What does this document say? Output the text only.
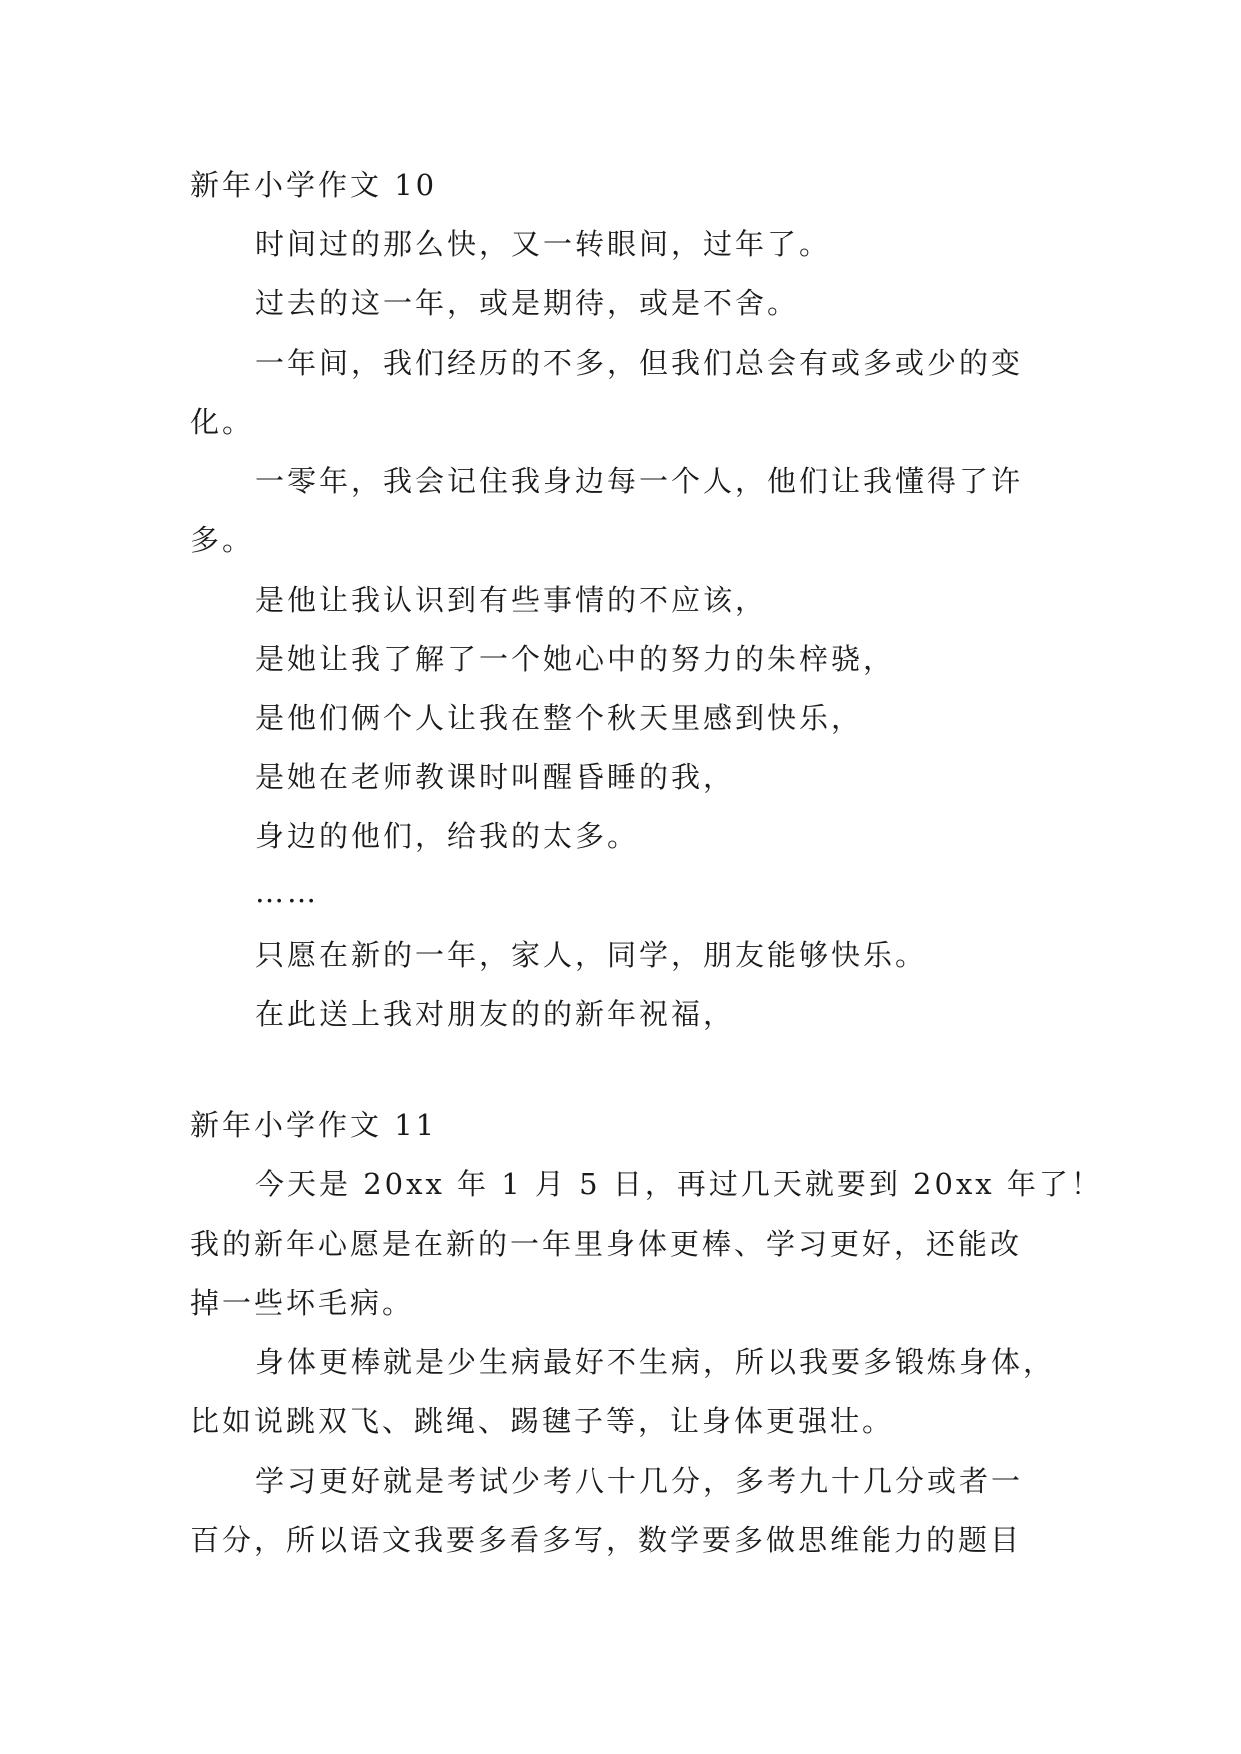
新年小学作文 10
时间过的那么快，又一转眼间，过年了。
过去的这一年，或是期待，或是不舍。
一年间，我们经历的不多，但我们总会有或多或少的变
化。
一零年，我会记住我身边每一个人，他们让我懂得了许
多。
是他让我认识到有些事情的不应该，
是她让我了解了一个她心中的努力的朱梓骁，
是他们俩个人让我在整个秋天里感到快乐，
是她在老师教课时叫醒昏睡的我，
身边的他们，给我的太多。
……
只愿在新的一年，家人，同学，朋友能够快乐。
在此送上我对朋友的的新年祝福，
新年小学作文 11
今天是 20xx 年 1 月 5 日，再过几天就要到 20xx 年了！
我的新年心愿是在新的一年里身体更棒、学习更好，还能改
掉一些坏毛病。
身体更棒就是少生病最好不生病，所以我要多锻炼身体，
比如说跳双飞、跳绳、踢毽子等，让身体更强壮。
学习更好就是考试少考八十几分，多考九十几分或者一
百分，所以语文我要多看多写，数学要多做思维能力的题目
